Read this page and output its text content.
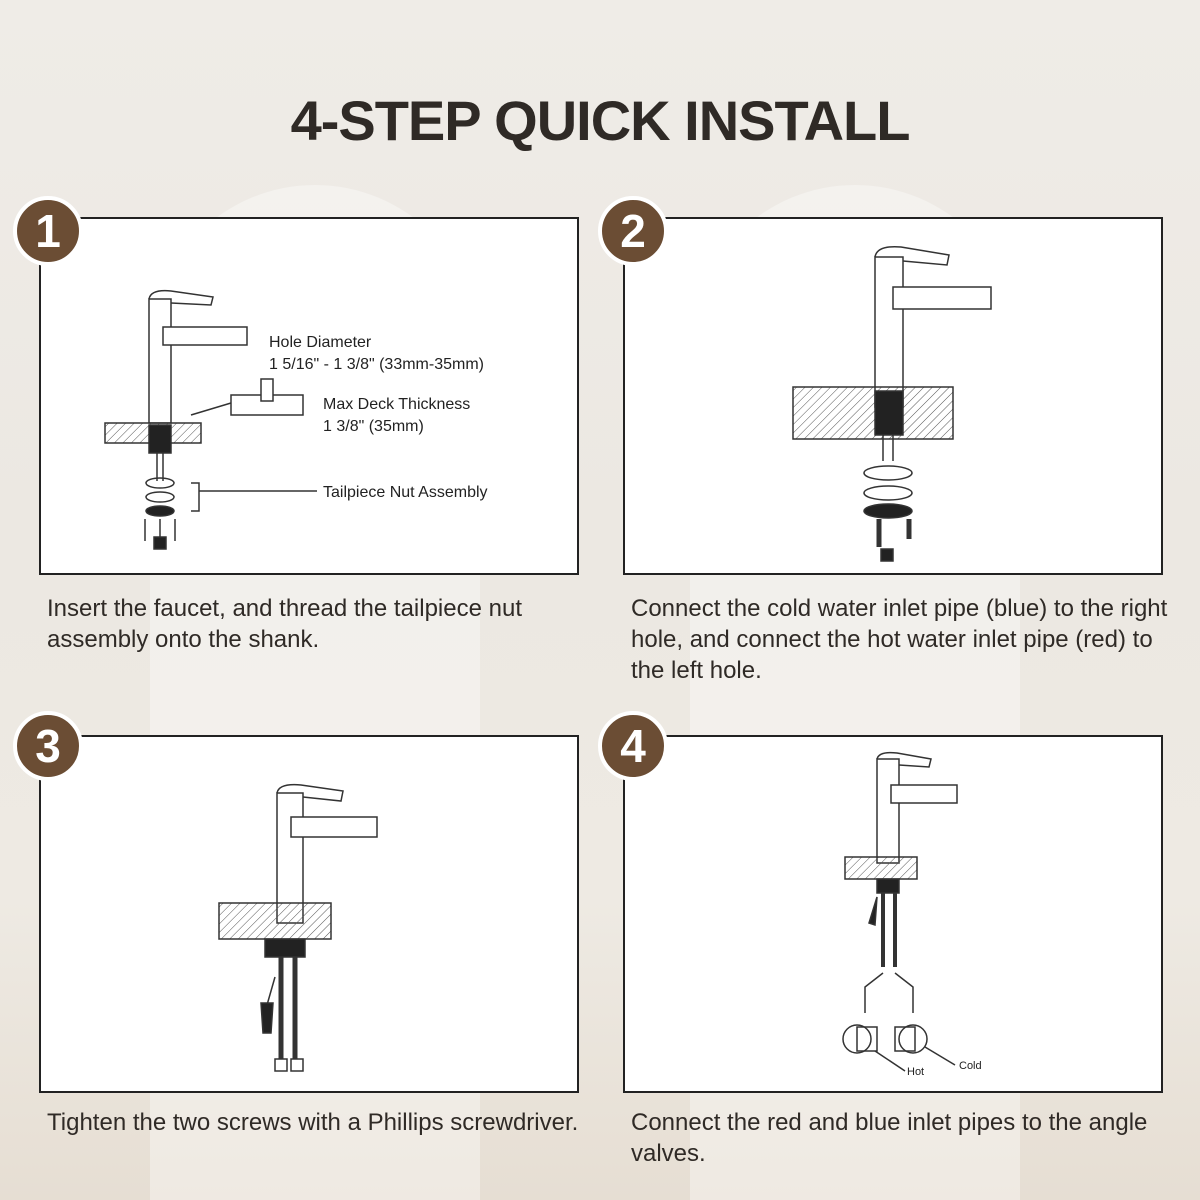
4-STEP QUICK INSTALL
Hole Diameter
1 5/16" - 1 3/8" (33mm-35mm)
Max Deck Thickness
1 3/8" (35mm)
Tailpiece Nut Assembly
1
Insert the faucet, and thread the tailpiece nut assembly onto the shank.
2
Connect the cold water inlet pipe (blue) to the right hole, and connect the hot water inlet pipe (red) to the left hole.
3
Tighten the two screws with a Phillips screwdriver.
Hot	Cold
4
Connect the red and blue inlet pipes to the angle valves.
